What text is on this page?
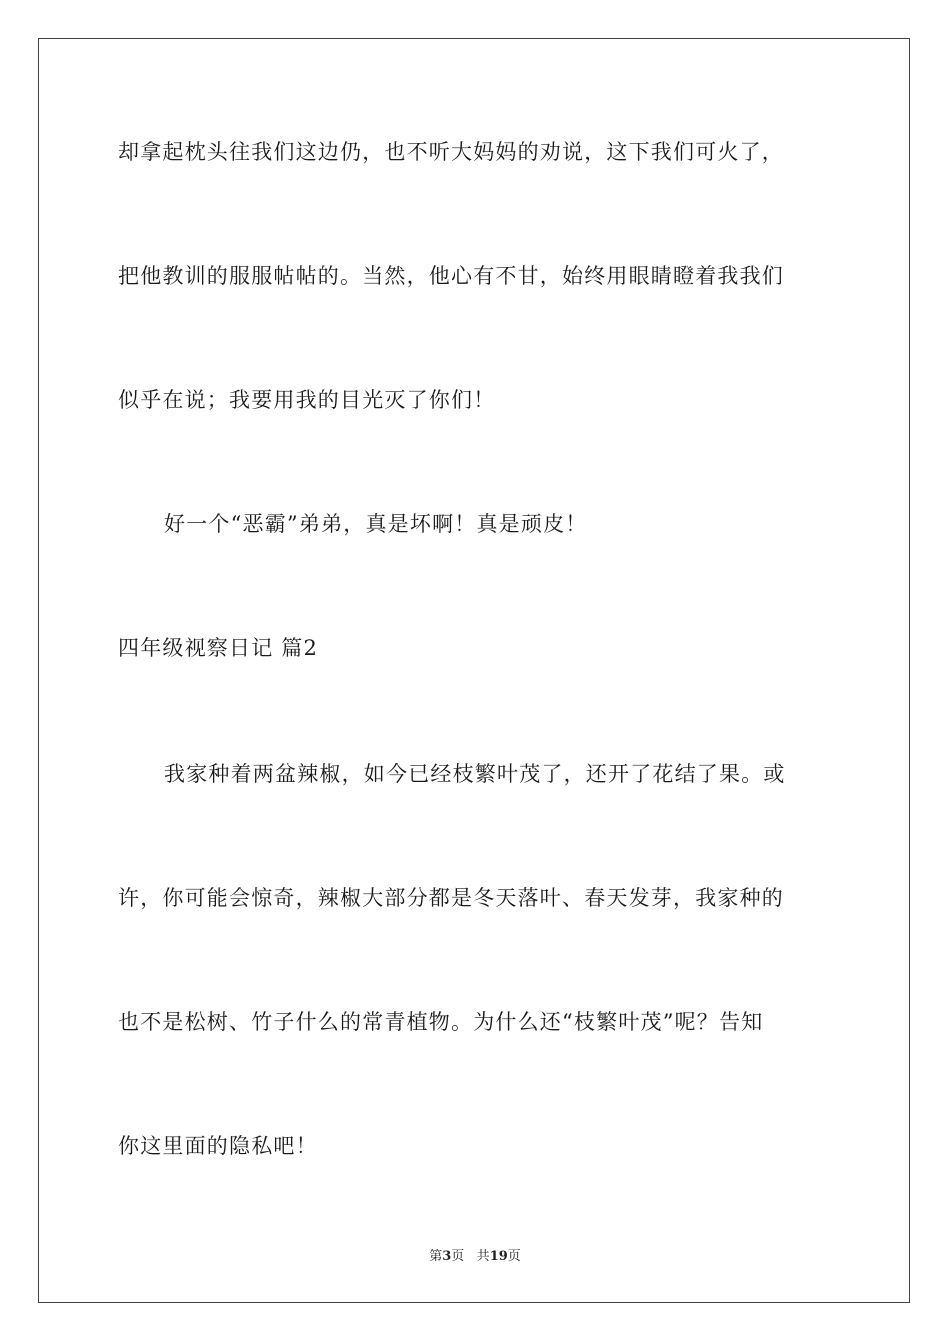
却拿起枕头往我们这边仍，也不听大妈妈的劝说，这下我们可火了，
把他教训的服服帖帖的。当然，他心有不甘，始终用眼睛瞪着我我们
似乎在说；我要用我的目光灭了你们！
好一个“恶霸”弟弟，真是坏啊！真是顽皮！
四年级视察日记 篇2
我家种着两盆辣椒，如今已经枝繁叶茂了，还开了花结了果。或
许，你可能会惊奇，辣椒大部分都是冬天落叶、春天发芽，我家种的
也不是松树、竹子什么的常青植物。为什么还“枝繁叶茂”呢？告知
你这里面的隐私吧！
第3页 共19页
